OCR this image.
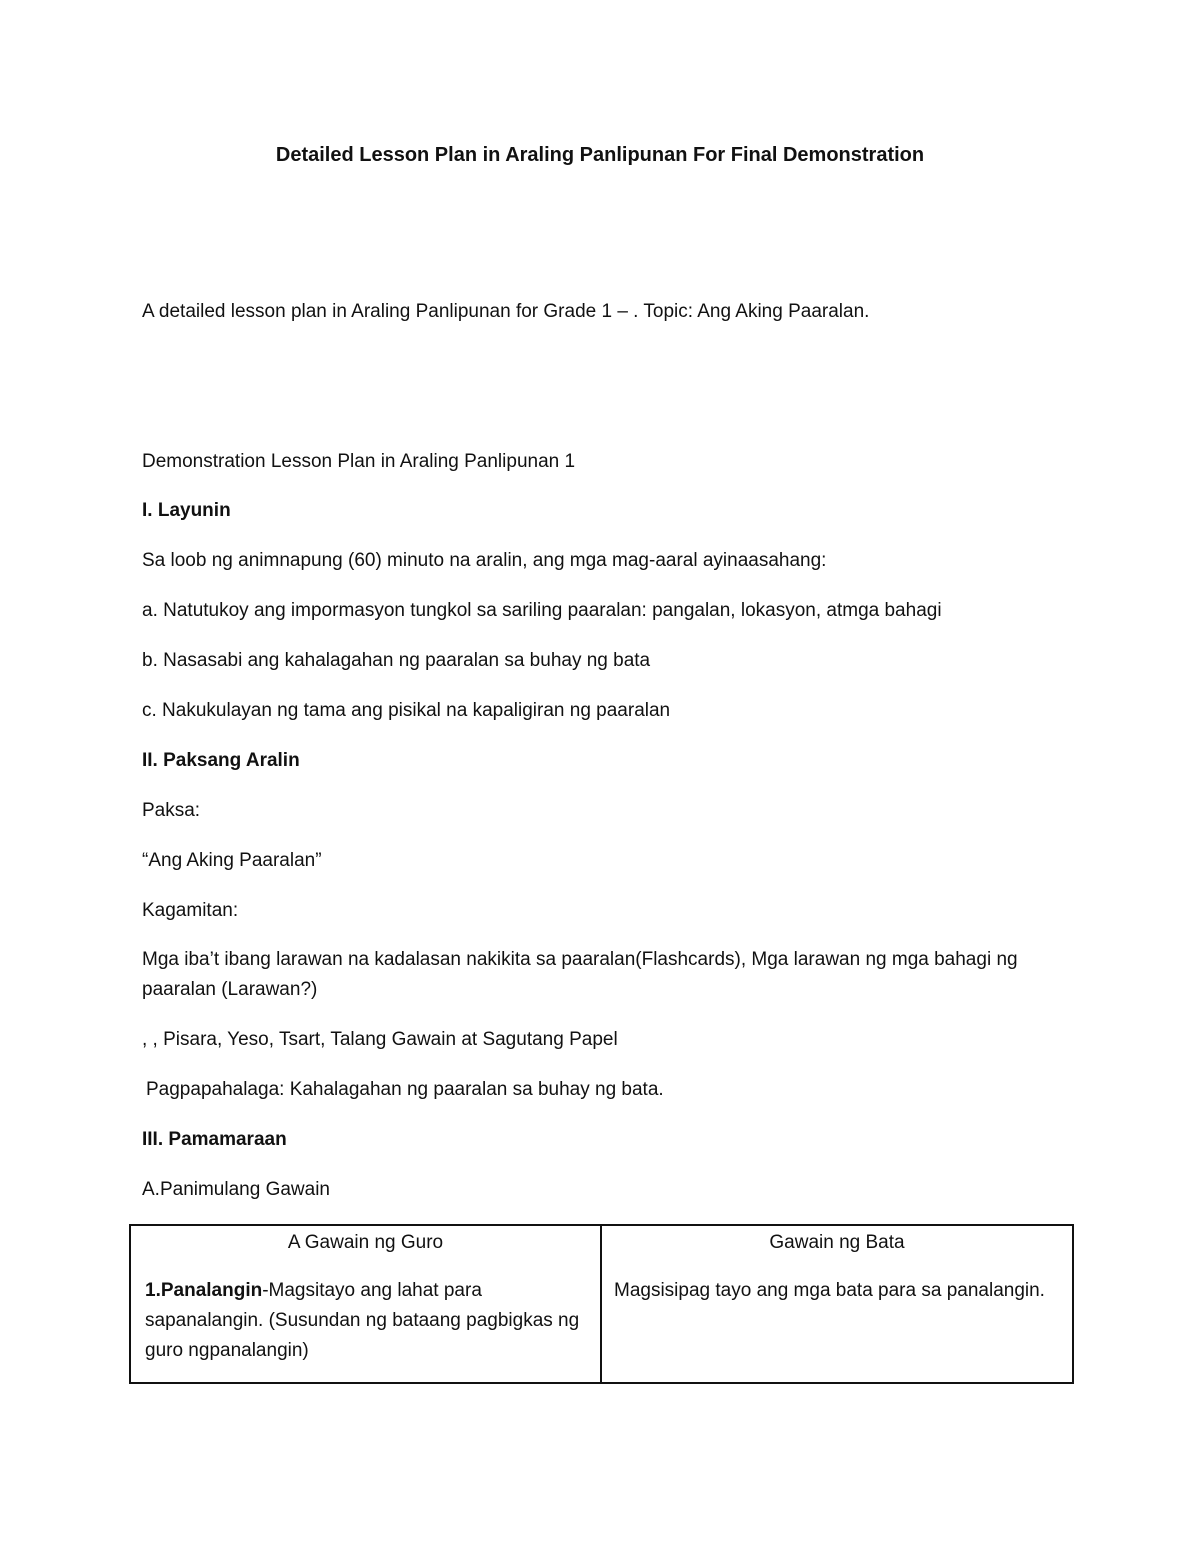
Detailed Lesson Plan in Araling Panlipunan For Final Demonstration
A detailed lesson plan in Araling Panlipunan for Grade 1 – . Topic: Ang Aking Paaralan.
Demonstration Lesson Plan in Araling Panlipunan 1
I. Layunin
Sa loob ng animnapung (60) minuto na aralin, ang mga mag-aaral ayinaasahang:
a. Natutukoy ang impormasyon tungkol sa sariling paaralan: pangalan, lokasyon, atmga bahagi
b. Nasasabi ang kahalagahan ng paaralan sa buhay ng bata
c. Nakukulayan ng tama ang pisikal na kapaligiran ng paaralan
II. Paksang Aralin
Paksa:
“Ang Aking Paaralan”
Kagamitan:
Mga iba’t ibang larawan na kadalasan nakikita sa paaralan(Flashcards), Mga larawan ng mga bahagi ng paaralan (Larawan?)
, , Pisara, Yeso, Tsart, Talang Gawain at Sagutang Papel
Pagpapahalaga: Kahalagahan ng paaralan sa buhay ng bata.
III. Pamamaraan
A.Panimulang Gawain
A Gawain ng Guro	Gawain ng Bata
1.Panalangin-Magsitayo ang lahat para sapanalangin. (Susundan ng bataang pagbigkas ng guro ngpanalangin)	Magsisipag tayo ang mga bata para sa panalangin.
